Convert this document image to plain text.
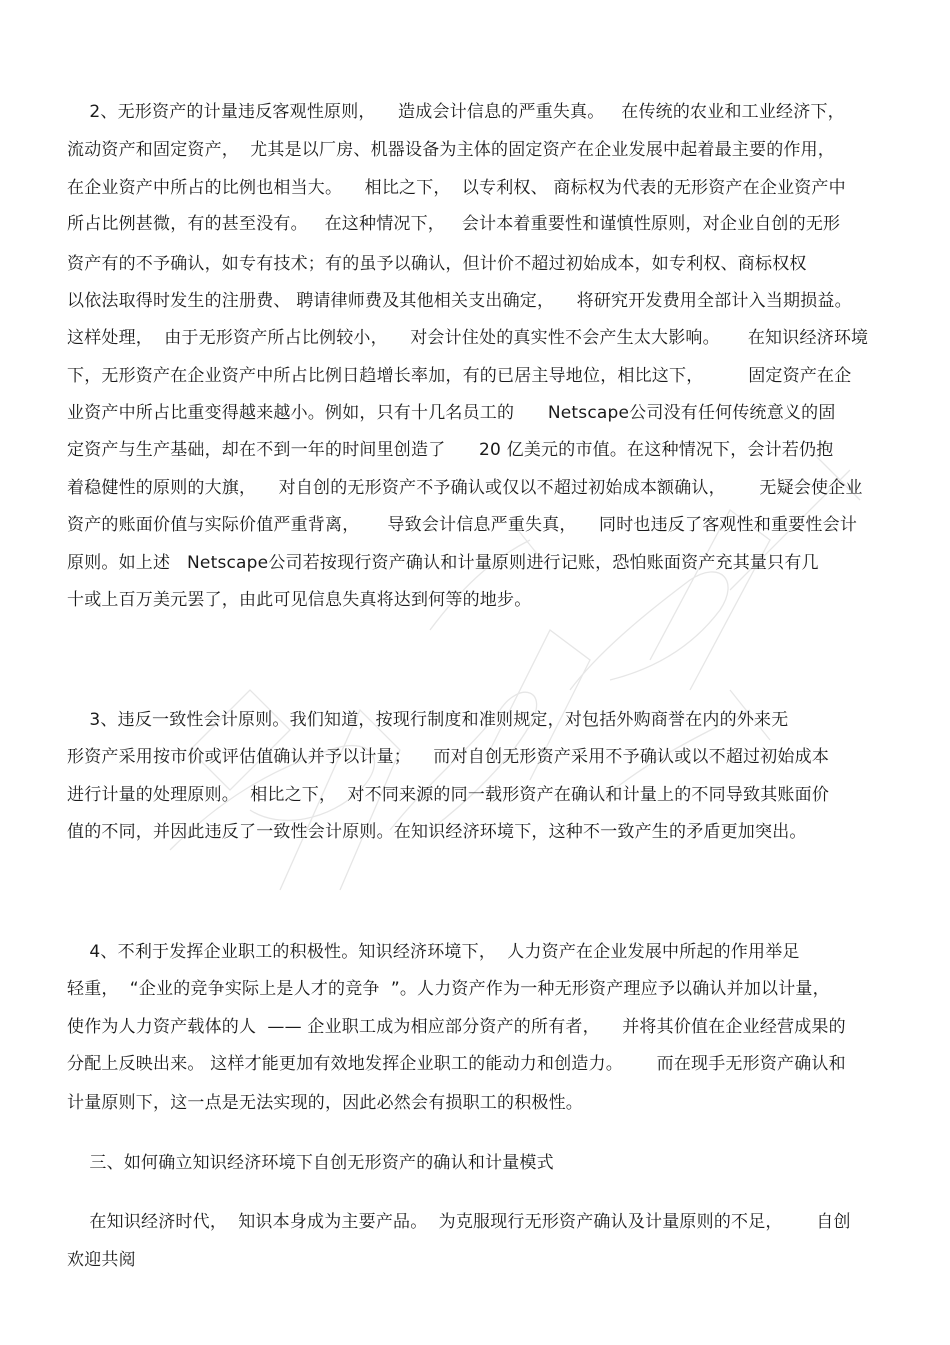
2、无形资产的计量违反客观性原则，    造成会计信息的严重失真。   在传统的农业和工业经济下，
流动资产和固定资产，  尤其是以厂房、机器设备为主体的固定资产在企业发展中起着最主要的作用，
在企业资产中所占的比例也相当大。    相比之下，  以专利权、 商标权为代表的无形资产在企业资产中
所占比例甚微，有的甚至没有。   在这种情况下，   会计本着重要性和谨慎性原则，对企业自创的无形
资产有的不予确认，如专有技术；有的虽予以确认，但计价不超过初始成本，如专利权、商标权权
以依法取得时发生的注册费、 聘请律师费及其他相关支出确定，    将研究开发费用全部计入当期损益。
这样处理，  由于无形资产所占比例较小，    对会计住处的真实性不会产生太大影响。     在知识经济环境
下，无形资产在企业资产中所占比例日趋增长率加，有的已居主导地位，相比这下，        固定资产在企
业资产中所占比重变得越来越小。例如，只有十几名员工的      Netscape公司没有任何传统意义的固
定资产与生产基础，却在不到一年的时间里创造了      20 亿美元的市值。在这种情况下，会计若仍抱
着稳健性的原则的大旗，    对自创的无形资产不予确认或仅以不超过初始成本额确认，      无疑会使企业
资产的账面价值与实际价值严重背离，     导致会计信息严重失真，    同时也违反了客观性和重要性会计
原则。如上述   Netscape公司若按现行资产确认和计量原则进行记账，恐怕账面资产充其量只有几
十或上百万美元罢了，由此可见信息失真将达到何等的地步。
3、违反一致性会计原则。我们知道，按现行制度和准则规定，对包括外购商誉在内的外来无
形资产采用按市价或评估值确认并予以计量；    而对自创无形资产采用不予确认或以不超过初始成本
进行计量的处理原则。  相比之下，  对不同来源的同一载形资产在确认和计量上的不同导致其账面价
值的不同，并因此违反了一致性会计原则。在知识经济环境下，这种不一致产生的矛盾更加突出。
4、不利于发挥企业职工的积极性。知识经济环境下，  人力资产在企业发展中所起的作用举足
轻重，  “企业的竞争实际上是人才的竞争  ”。人力资产作为一种无形资产理应予以确认并加以计量，
使作为人力资产载体的人  —— 企业职工成为相应部分资产的所有者，    并将其价值在企业经营成果的
分配上反映出来。 这样才能更加有效地发挥企业职工的能动力和创造力。      而在现手无形资产确认和
计量原则下，这一点是无法实现的，因此必然会有损职工的积极性。
三、如何确立知识经济环境下自创无形资产的确认和计量模式
在知识经济时代，  知识本身成为主要产品。  为克服现行无形资产确认及计量原则的不足，      自创
欢迎共阅
